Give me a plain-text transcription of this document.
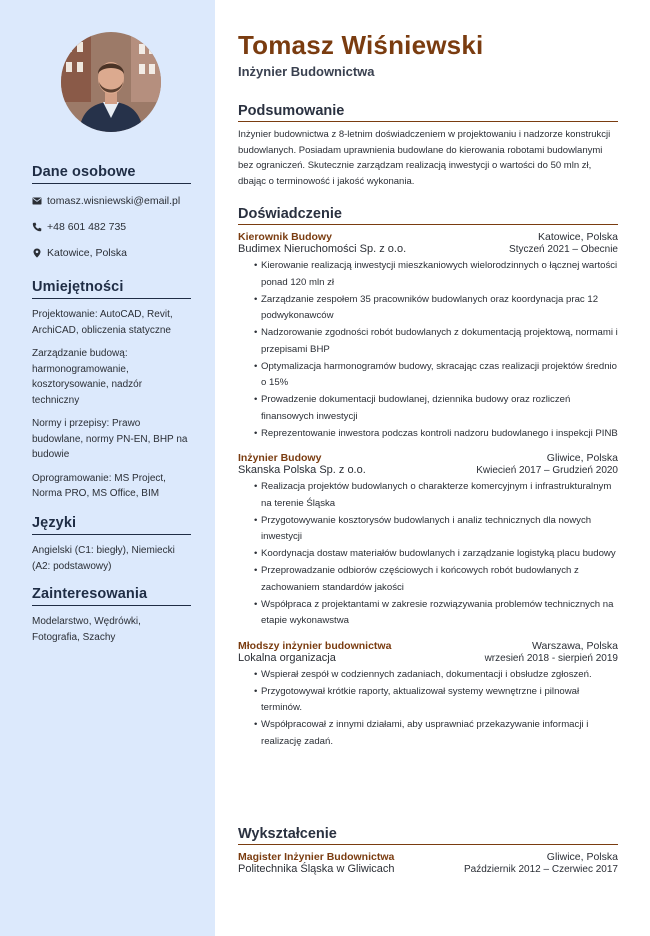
Dane osobowe
tomasz.wisniewski@email.pl
+48 601 482 735
Katowice, Polska
Umiejętności
Projektowanie: AutoCAD, Revit, ArchiCAD, obliczenia statyczne
Zarządzanie budową: harmonogramowanie, kosztorysowanie, nadzór techniczny
Normy i przepisy: Prawo budowlane, normy PN-EN, BHP na budowie
Oprogramowanie: MS Project, Norma PRO, MS Office, BIM
Języki
Angielski (C1: biegły), Niemiecki (A2: podstawowy)
Zainteresowania
Modelarstwo, Wędrówki, Fotografia, Szachy
Tomasz Wiśniewski
Inżynier Budownictwa
Podsumowanie
Inżynier budownictwa z 8-letnim doświadczeniem w projektowaniu i nadzorze konstrukcji budowlanych. Posiadam uprawnienia budowlane do kierowania robotami budowlanymi bez ograniczeń. Skutecznie zarządzam realizacją inwestycji o wartości do 50 mln zł, dbając o terminowość i jakość wykonania.
Doświadczenie
Kierownik Budowy	Katowice, Polska
Budimex Nieruchomości Sp. z o.o.	Styczeń 2021 – Obecnie
• Kierowanie realizacją inwestycji mieszkaniowych wielorodzinnych o łącznej wartości ponad 120 mln zł
• Zarządzanie zespołem 35 pracowników budowlanych oraz koordynacja prac 12 podwykonawców
• Nadzorowanie zgodności robót budowlanych z dokumentacją projektową, normami i przepisami BHP
• Optymalizacja harmonogramów budowy, skracając czas realizacji projektów średnio o 15%
• Prowadzenie dokumentacji budowlanej, dziennika budowy oraz rozliczeń finansowych inwestycji
• Reprezentowanie inwestora podczas kontroli nadzoru budowlanego i inspekcji PINB
Inżynier Budowy	Gliwice, Polska
Skanska Polska Sp. z o.o.	Kwiecień 2017 – Grudzień 2020
• Realizacja projektów budowlanych o charakterze komercyjnym i infrastrukturalnym na terenie Śląska
• Przygotowywanie kosztorysów budowlanych i analiz technicznych dla nowych inwestycji
• Koordynacja dostaw materiałów budowlanych i zarządzanie logistyką placu budowy
• Przeprowadzanie odbiorów częściowych i końcowych robót budowlanych z zachowaniem standardów jakości
• Współpraca z projektantami w zakresie rozwiązywania problemów technicznych na etapie wykonawstwa
Młodszy inżynier budownictwa	Warszawa, Polska
Lokalna organizacja	wrzesień 2018 - sierpień 2019
• Wspierał zespół w codziennych zadaniach, dokumentacji i obsłudze zgłoszeń.
• Przygotowywał krótkie raporty, aktualizował systemy wewnętrzne i pilnował terminów.
• Współpracował z innymi działami, aby usprawniać przekazywanie informacji i realizację zadań.
Wykształcenie
Magister Inżynier Budownictwa	Gliwice, Polska
Politechnika Śląska w Gliwicach	Październik 2012 – Czerwiec 2017
